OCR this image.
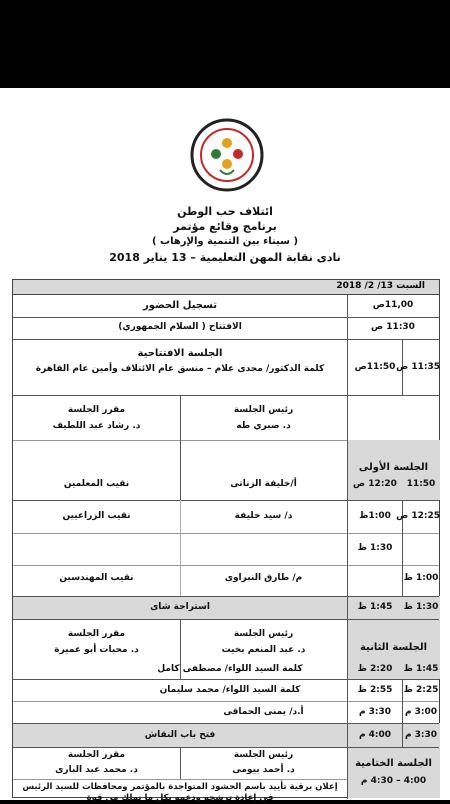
ائتلاف حب الوطن
برنامج وقائع مؤتمر
( سيناء بين التنمية والإرهاب )
نادى نقابة المهن التعليمية – 13 يناير 2018
السبت 13/ 2/ 2018
11,00ص
تسجيل الحضور
11:30 ص
الافتتاح ( السلام الجمهوري)
11:35 ص
11:50ص
الجلسة الافتتاحية
كلمة الدكتور/ مجدى علام – منسق عام الائتلاف وأمين عام القاهرة
الجلسة الأولى
رئيس الجلسة
د. صبري طه
مقرر الجلسة
د. رشاد عبد اللطيف
11:50
12:20 ص
أ/خليفة الزناتى
نقيب المعلمين
12:25 ص
1:00ظ
د/ سيد خليفة
نقيب الزراعيين
1:00 ظ
1:30 ظ
م/ طارق النبراوى
نقيب المهندسين
1:30 ظ
1:45 ظ
استراحة شاى
الجلسة الثانية
رئيس الجلسة
د. عبد المنعم بخيت
مقرر الجلسة
د. محبات أبو عميرة
1:45 ظ
2:20 ظ
كلمة السيد اللواء/ مصطفى كامل
2:25 ظ
2:55 ظ
كلمة السيد اللواء/ محمد سليمان
3:00 م
3:30 م
أ.د/ يمنى الحماقى
3:30 م
4:00 م
فتح باب النقاش
الجلسة الختامية
4:00 – 4:30 م
رئيس الجلسة
د. أحمد بيومى
مقرر الجلسة
د. محمد عبد البارى
إعلان برقية تأييد باسم الحشود المتواجدة بالمؤتمر ومحافظات للسيد الرئيس فى إعادة ترشحه ودعمه بكل ما نملك من قوة
